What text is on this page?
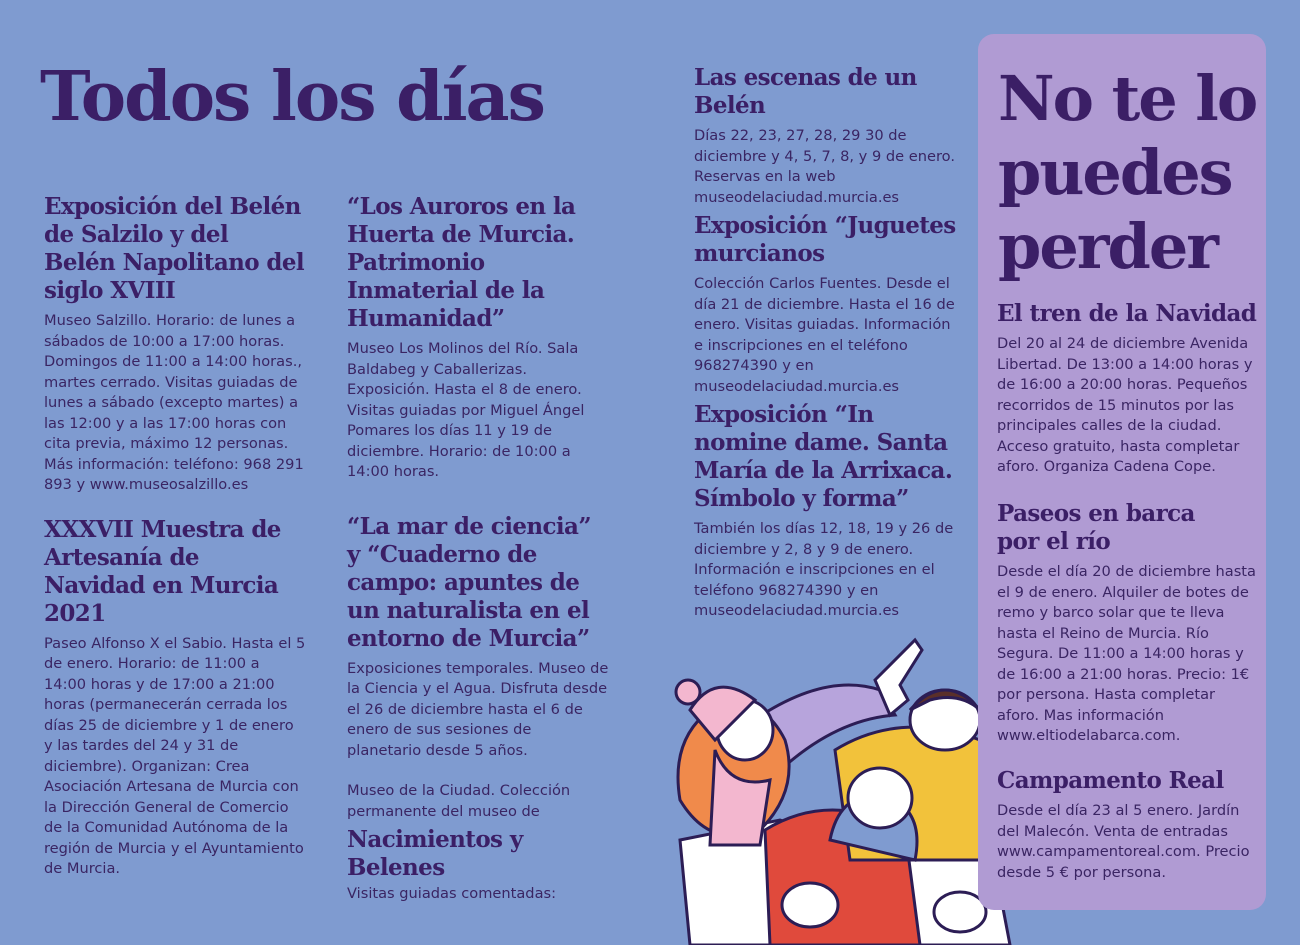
Todos los días
Exposición del Belén de Salzilo y del Belén Napolitano del siglo XVIII

Museo Salzillo. Horario: de lunes a sábados de 10:00 a 17:00 horas. Domingos de 11:00 a 14:00 horas., martes cerrado. Visitas guiadas de lunes a sábado (excepto martes) a las 12:00 y a las 17:00 horas con cita previa, máximo 12 personas. Más información: teléfono: 968 291 893 y www.museosalzillo.es

XXXVII Muestra de Artesanía de Navidad en Murcia 2021

Paseo Alfonso X el Sabio. Hasta el 5 de enero. Horario: de 11:00 a 14:00 horas y de 17:00 a 21:00 horas (permanecerán cerrada los días 25 de diciembre y 1 de enero y las tardes del 24 y 31 de diciembre). Organizan: Crea Asociación Artesana de Murcia con la Dirección General de Comercio de la Comunidad Autónoma de la región de Murcia y el Ayuntamiento de Murcia.

“Los Auroros en la Huerta de Murcia. Patrimonio Inmaterial de la Humanidad”

Museo Los Molinos del Río. Sala Baldabeg y Caballerizas. Exposición. Hasta el 8 de enero. Visitas guiadas por Miguel Ángel Pomares los días 11 y 19 de diciembre. Horario: de 10:00 a 14:00 horas.

“La mar de ciencia” y “Cuaderno de campo: apuntes de un naturalista en el entorno de Murcia”

Exposiciones temporales. Museo de la Ciencia y el Agua. Disfruta desde el 26 de diciembre hasta el 6 de enero de sus sesiones de planetario desde 5 años.

Museo de la Ciudad. Colección permanente del museo de

Nacimientos y Belenes

Visitas guiadas comentadas:

Las escenas de un Belén

Días 22, 23, 27, 28, 29 30 de diciembre y 4, 5, 7, 8, y 9 de enero. Reservas en la web museodelaciudad.murcia.es

Exposición “Juguetes murcianos

Colección Carlos Fuentes. Desde el día 21 de diciembre. Hasta el 16 de enero. Visitas guiadas. Información e inscripciones en el teléfono 968274390 y en museodelaciudad.murcia.es

Exposición “In nomine dame. Santa María de la Arrixaca. Símbolo y forma”

También los días 12, 18, 19 y 26 de diciembre y 2, 8 y 9 de enero. Información e inscripciones en el teléfono 968274390 y en museodelaciudad.murcia.es

No te lo puedes perder
El tren de la Navidad

Del 20 al 24 de diciembre Avenida Libertad. De 13:00 a 14:00 horas y de 16:00 a 20:00 horas. Pequeños recorridos de 15 minutos por las principales calles de la ciudad. Acceso gratuito, hasta completar aforo. Organiza Cadena Cope.

Paseos en barca por el río

Desde el día 20 de diciembre hasta el 9 de enero. Alquiler de botes de remo y barco solar que te lleva hasta el Reino de Murcia. Río Segura. De 11:00 a 14:00 horas y de 16:00 a 21:00 horas. Precio: 1€ por persona. Hasta completar aforo. Mas información www.eltiodelabarca.com.

Campamento Real

Desde el día 23 al 5 enero. Jardín del Malecón. Venta de entradas www.campamentoreal.com. Precio desde 5 € por persona.
